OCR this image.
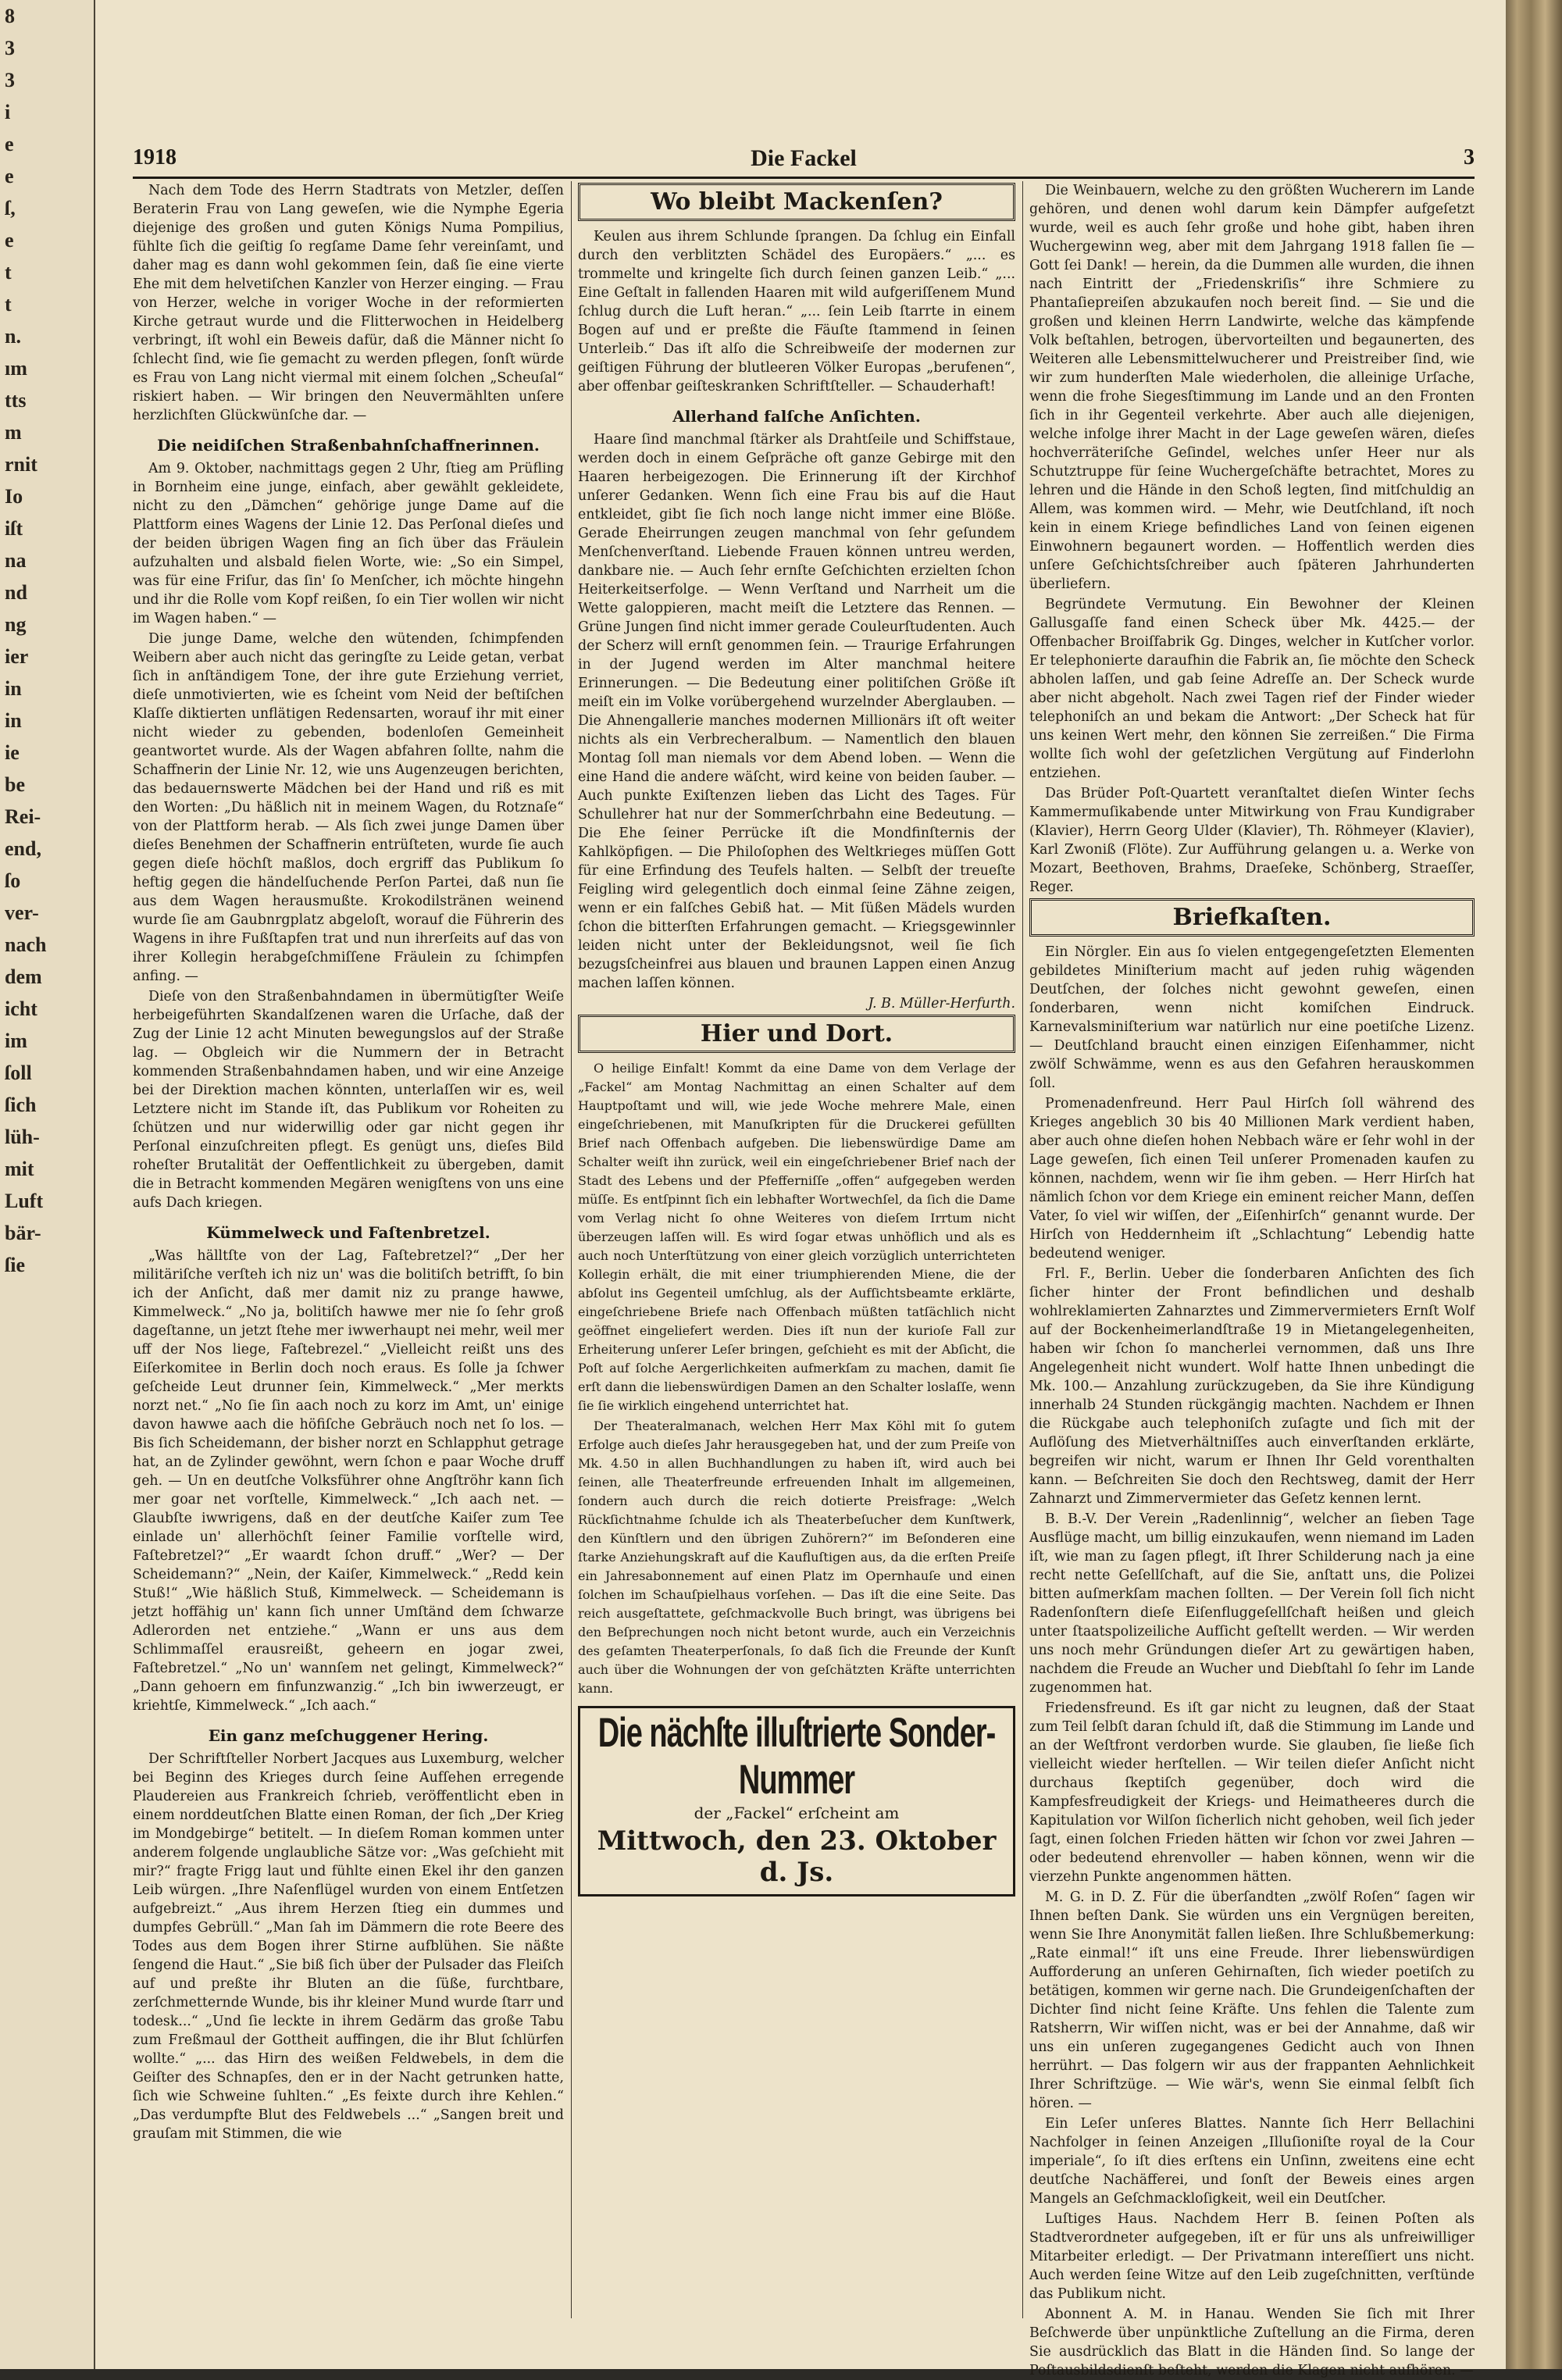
8
3
3
i
e
e
ſ,
e
t
t
n.
ım
tts
m
rnit
Io
iſt
na
nd
ng
ier
in
in
ie
be
Rei-
end,
ſo
ver-
nach
dem
icht
im
ſoll
ſich
lüh-
mit
Luft
bär-
ſie
1918	Die Fackel	3

Nach dem Tode des Herrn Stadtrats von Metzler, deſſen Beraterin Frau von Lang geweſen, wie die Nymphe Egeria diejenige des großen und guten Königs Numa Pompilius, fühlte ſich die geiſtig ſo regſame Dame ſehr vereinſamt, und daher mag es dann wohl gekommen ſein, daß ſie eine vierte Ehe mit dem helvetiſchen Kanzler von Herzer einging. — Frau von Herzer, welche in voriger Woche in der reformierten Kirche getraut wurde und die Flitterwochen in Heidelberg verbringt, iſt wohl ein Beweis dafür, daß die Männer nicht ſo ſchlecht ſind, wie ſie gemacht zu werden pflegen, ſonſt würde es Frau von Lang nicht viermal mit einem ſolchen „Scheuſal“ riskiert haben. — Wir bringen den Neuvermählten unſere herzlichſten Glückwünſche dar. —

Die neidiſchen Straßenbahnſchaffnerinnen.

Am 9. Oktober, nachmittags gegen 2 Uhr, ſtieg am Prüfling in Bornheim eine junge, einfach, aber gewählt gekleidete, nicht zu den „Dämchen“ gehörige junge Dame auf die Plattform eines Wagens der Linie 12. Das Perſonal dieſes und der beiden übrigen Wagen fing an ſich über das Fräulein aufzuhalten und alsbald fielen Worte, wie: „So ein Simpel, was für eine Friſur, das ſin' ſo Menſcher, ich möchte hingehn und ihr die Rolle vom Kopf reißen, ſo ein Tier wollen wir nicht im Wagen haben.“ —

Die junge Dame, welche den wütenden, ſchimpfenden Weibern aber auch nicht das geringſte zu Leide getan, verbat ſich in anſtändigem Tone, der ihre gute Erziehung verriet, dieſe unmotivierten, wie es ſcheint vom Neid der beſtiſchen Klaſſe diktierten unflätigen Redensarten, worauf ihr mit einer nicht wieder zu gebenden, bodenloſen Gemeinheit geantwortet wurde. Als der Wagen abfahren ſollte, nahm die Schaffnerin der Linie Nr. 12, wie uns Augenzeugen berichten, das bedauernswerte Mädchen bei der Hand und riß es mit den Worten: „Du häßlich nit in meinem Wagen, du Rotznaſe“ von der Plattform herab. — Als ſich zwei junge Damen über dieſes Benehmen der Schaffnerin entrüſteten, wurde ſie auch gegen dieſe höchſt maßlos, doch ergriff das Publikum ſo heftig gegen die händelſuchende Perſon Partei, daß nun ſie aus dem Wagen herausmußte. Krokodilstränen weinend wurde ſie am Gaubnrgplatz abgeloſt, worauf die Führerin des Wagens in ihre Fußſtapfen trat und nun ihrerſeits auf das von ihrer Kollegin herabgeſchmiſſene Fräulein zu ſchimpfen anfing. —

Dieſe von den Straßenbahndamen in übermütigſter Weiſe herbeigeführten Skandalſzenen waren die Urſache, daß der Zug der Linie 12 acht Minuten bewegungslos auf der Straße lag. — Obgleich wir die Nummern der in Betracht kommenden Straßenbahndamen haben, und wir eine Anzeige bei der Direktion machen könnten, unterlaſſen wir es, weil Letztere nicht im Stande iſt, das Publikum vor Roheiten zu ſchützen und nur widerwillig oder gar nicht gegen ihr Perſonal einzuſchreiten pflegt. Es genügt uns, dieſes Bild roheſter Brutalität der Oeffentlichkeit zu übergeben, damit die in Betracht kommenden Megären wenigſtens von uns eine aufs Dach kriegen.

Kümmelweck und Faſtenbretzel.

„Was hälltſte von der Lag, Faſtebretzel?“ „Der her militäriſche verſteh ich niz un' was die bolitiſch betrifft, ſo bin ich der Anſicht, daß mer damit niz zu prange hawwe, Kimmelweck.“ „No ja, bolitiſch hawwe mer nie ſo ſehr groß dageſtanne, un jetzt ſtehe mer iwwerhaupt nei mehr, weil mer uff der Nos liege, Faſtebrezel.“ „Vielleicht reißt uns des Eiſerkomitee in Berlin doch noch eraus. Es ſolle ja ſchwer geſcheide Leut drunner ſein, Kimmelweck.“ „Mer merkts norzt net.“ „No ſie ſin aach noch zu korz im Amt, un' einige davon hawwe aach die höfiſche Gebräuch noch net ſo los. — Bis ſich Scheidemann, der bisher norzt en Schlapphut getrage hat, an de Zylinder gewöhnt, wern ſchon e paar Woche druff geh. — Un en deutſche Volksführer ohne Angſtröhr kann ſich mer goar net vorſtelle, Kimmelweck.“ „Ich aach net. — Glaubſte iwwrigens, daß en der deutſche Kaiſer zum Tee einlade un' allerhöchſt ſeiner Familie vorſtelle wird, Faſtebretzel?“ „Er waardt ſchon druff.“ „Wer? — Der Scheidemann?“ „Nein, der Kaiſer, Kimmelweck.“ „Redd kein Stuß!“ „Wie häßlich Stuß, Kimmelweck. — Scheidemann is jetzt hoffähig un' kann ſich unner Umſtänd dem ſchwarze Adlerorden net entziehe.“ „Wann er uns aus dem Schlimmaſſel erausreißt, geheern en jogar zwei, Faſtebretzel.“ „No un' wannſem net gelingt, Kimmelweck?“ „Dann gehoern em finfunzwanzig.“ „Ich bin iwwerzeugt, er kriehtſe, Kimmelweck.“ „Ich aach.“

Ein ganz meſchuggener Hering.

Der Schriftſteller Norbert Jacques aus Luxemburg, welcher bei Beginn des Krieges durch ſeine Aufſehen erregende Plaudereien aus Frankreich ſchrieb, veröffentlicht eben in einem norddeutſchen Blatte einen Roman, der ſich „Der Krieg im Mondgebirge“ betitelt. — In dieſem Roman kommen unter anderem folgende unglaubliche Sätze vor: „Was geſchieht mit mir?“ fragte Frigg laut und fühlte einen Ekel ihr den ganzen Leib würgen. „Ihre Naſenflügel wurden von einem Entſetzen aufgebreizt.“ „Aus ihrem Herzen ſtieg ein dummes und dumpfes Gebrüll.“ „Man ſah im Dämmern die rote Beere des Todes aus dem Bogen ihrer Stirne aufblühen. Sie näßte ſengend die Haut.“ „Sie biß ſich über der Pulsader das Fleiſch auf und preßte ihr Bluten an die ſüße, furchtbare, zerſchmetternde Wunde, bis ihr kleiner Mund wurde ſtarr und todesk...“ „Und ſie leckte in ihrem Gedärm das große Tabu zum Freßmaul der Gottheit auffingen, die ihr Blut ſchlürfen wollte.“ „... das Hirn des weißen Feldwebels, in dem die Geiſter des Schnapſes, den er in der Nacht getrunken hatte, ſich wie Schweine ſuhlten.“ „Es feixte durch ihre Kehlen.“ „Das verdumpfte Blut des Feldwebels ...“ „Sangen breit und grauſam mit Stimmen, die wie

Wo bleibt Mackenſen?

Keulen aus ihrem Schlunde ſprangen. Da ſchlug ein Einfall durch den verblitzten Schädel des Europäers.“ „... es trommelte und kringelte ſich durch ſeinen ganzen Leib.“ „... Eine Geſtalt in fallenden Haaren mit wild aufgeriſſenem Mund ſchlug durch die Luft heran.“ „... ſein Leib ſtarrte in einem Bogen auf und er preßte die Fäuſte ſtammend in ſeinen Unterleib.“ Das iſt alſo die Schreibweiſe der modernen zur geiſtigen Führung der blutleeren Völker Europas „berufenen“, aber offenbar geiſteskranken Schriftſteller. — Schauderhaft!

Allerhand falſche Anſichten.

Haare ſind manchmal ſtärker als Drahtſeile und Schiffstaue, werden doch in einem Geſpräche oft ganze Gebirge mit den Haaren herbeigezogen. Die Erinnerung iſt der Kirchhof unſerer Gedanken. Wenn ſich eine Frau bis auf die Haut entkleidet, gibt ſie ſich noch lange nicht immer eine Blöße. Gerade Eheirrungen zeugen manchmal von ſehr geſundem Menſchenverſtand. Liebende Frauen können untreu werden, dankbare nie. — Auch ſehr ernſte Geſchichten erzielten ſchon Heiterkeitserfolge. — Wenn Verſtand und Narrheit um die Wette galoppieren, macht meiſt die Letztere das Rennen. — Grüne Jungen ſind nicht immer gerade Couleurſtudenten. Auch der Scherz will ernſt genommen ſein. — Traurige Erfahrungen in der Jugend werden im Alter manchmal heitere Erinnerungen. — Die Bedeutung einer politiſchen Größe iſt meiſt ein im Volke vorübergehend wurzelnder Aberglauben. — Die Ahnengallerie manches modernen Millionärs iſt oft weiter nichts als ein Verbrecheralbum. — Namentlich den blauen Montag ſoll man niemals vor dem Abend loben. — Wenn die eine Hand die andere wäſcht, wird keine von beiden ſauber. — Auch punkte Exiſtenzen lieben das Licht des Tages. Für Schullehrer hat nur der Sommerſchrbahn eine Bedeutung. — Die Ehe ſeiner Perrücke iſt die Mondfinſternis der Kahlköpfigen. — Die Philoſophen des Weltkrieges müſſen Gott für eine Erfindung des Teufels halten. — Selbſt der treueſte Feigling wird gelegentlich doch einmal ſeine Zähne zeigen, wenn er ein falſches Gebiß hat. — Mit ſüßen Mädels wurden ſchon die bitterſten Erfahrungen gemacht. — Kriegsgewinnler leiden nicht unter der Bekleidungsnot, weil ſie ſich bezugsſcheinfrei aus blauen und braunen Lappen einen Anzug machen laſſen können.

J. B. Müller-Herfurth.
Hier und Dort.

O heilige Einfalt! Kommt da eine Dame von dem Verlage der „Fackel“ am Montag Nachmittag an einen Schalter auf dem Hauptpoſtamt und will, wie jede Woche mehrere Male, einen eingeſchriebenen, mit Manuſkripten für die Druckerei gefüllten Brief nach Offenbach aufgeben. Die liebenswürdige Dame am Schalter weiſt ihn zurück, weil ein eingeſchriebener Brief nach der Stadt des Lebens und der Pfefferniſſe „offen“ aufgegeben werden müſſe. Es entſpinnt ſich ein lebhafter Wortwechſel, da ſich die Dame vom Verlag nicht ſo ohne Weiteres von dieſem Irrtum nicht überzeugen laſſen will. Es wird ſogar etwas unhöflich und als es auch noch Unterſtützung von einer gleich vorzüglich unterrichteten Kollegin erhält, die mit einer triumphierenden Miene, die der abſolut ins Gegenteil umſchlug, als der Aufſichtsbeamte erklärte, eingeſchriebene Briefe nach Offenbach müßten tatſächlich nicht geöffnet eingeliefert werden. Dies iſt nun der kurioſe Fall zur Erheiterung unſerer Leſer bringen, geſchieht es mit der Abſicht, die Poſt auf ſolche Aergerlichkeiten aufmerkſam zu machen, damit ſie erſt dann die liebenswürdigen Damen an den Schalter loslaſſe, wenn ſie ſie wirklich eingehend unterrichtet hat.

Der Theateralmanach, welchen Herr Max Köhl mit ſo gutem Erfolge auch dieſes Jahr herausgegeben hat, und der zum Preiſe von Mk. 4.50 in allen Buchhandlungen zu haben iſt, wird auch bei ſeinen, alle Theaterfreunde erfreuenden Inhalt im allgemeinen, ſondern auch durch die reich dotierte Preisfrage: „Welch Rückſichtnahme ſchulde ich als Theaterbeſucher dem Kunſtwerk, den Künſtlern und den übrigen Zuhörern?“ im Beſonderen eine ſtarke Anziehungskraft auf die Kaufluſtigen aus, da die erſten Preiſe ein Jahresabonnement auf einen Platz im Opernhauſe und einen ſolchen im Schauſpielhaus vorſehen. — Das iſt die eine Seite. Das reich ausgeſtattete, geſchmackvolle Buch bringt, was übrigens bei den Beſprechungen noch nicht betont wurde, auch ein Verzeichnis des geſamten Theaterperſonals, ſo daß ſich die Freunde der Kunſt auch über die Wohnungen der von geſchätzten Kräfte unterrichten kann.

Die nächſte illuſtrierte Sonder-Nummer
der „Fackel“ erſcheint am
Mittwoch, den 23. Oktober d. Js.

Die Weinbauern, welche zu den größten Wucherern im Lande gehören, und denen wohl darum kein Dämpfer aufgeſetzt wurde, weil es auch ſehr große und hohe gibt, haben ihren Wuchergewinn weg, aber mit dem Jahrgang 1918 fallen ſie — Gott ſei Dank! — herein, da die Dummen alle wurden, die ihnen nach Eintritt der „Friedenskriſis“ ihre Schmiere zu Phantaſiepreiſen abzukaufen noch bereit ſind. — Sie und die großen und kleinen Herrn Landwirte, welche das kämpfende Volk beſtahlen, betrogen, übervorteilten und begaunerten, des Weiteren alle Lebensmittelwucherer und Preistreiber ſind, wie wir zum hunderſten Male wiederholen, die alleinige Urſache, wenn die frohe Siegesſtimmung im Lande und an den Fronten ſich in ihr Gegenteil verkehrte. Aber auch alle diejenigen, welche infolge ihrer Macht in der Lage geweſen wären, dieſes hochverräteriſche Geſindel, welches unſer Heer nur als Schutztruppe für ſeine Wuchergeſchäfte betrachtet, Mores zu lehren und die Hände in den Schoß legten, ſind mitſchuldig an Allem, was kommen wird. — Mehr, wie Deutſchland, iſt noch kein in einem Kriege befindliches Land von ſeinen eigenen Einwohnern begaunert worden. — Hoffentlich werden dies unſere Geſchichtsſchreiber auch ſpäteren Jahrhunderten überliefern.

Begründete Vermutung. Ein Bewohner der Kleinen Gallusgaſſe fand einen Scheck über Mk. 4425.— der Offenbacher Broiſfabrik Gg. Dinges, welcher in Kutſcher vorlor. Er telephonierte daraufhin die Fabrik an, ſie möchte den Scheck abholen laſſen, und gab ſeine Adreſſe an. Der Scheck wurde aber nicht abgeholt. Nach zwei Tagen rief der Finder wieder telephoniſch an und bekam die Antwort: „Der Scheck hat für uns keinen Wert mehr, den können Sie zerreißen.“ Die Firma wollte ſich wohl der geſetzlichen Vergütung auf Finderlohn entziehen.

Das Brüder Poſt-Quartett veranſtaltet dieſen Winter ſechs Kammermuſikabende unter Mitwirkung von Frau Kundigraber (Klavier), Herrn Georg Ulder (Klavier), Th. Röhmeyer (Klavier), Karl Zwoniß (Flöte). Zur Aufführung gelangen u. a. Werke von Mozart, Beethoven, Brahms, Draeſeke, Schönberg, Straeſſer, Reger.

Briefkaſten.

Ein Nörgler. Ein aus ſo vielen entgegengeſetzten Elementen gebildetes Miniſterium macht auf jeden ruhig wägenden Deutſchen, der ſolches nicht gewohnt geweſen, einen ſonderbaren, wenn nicht komiſchen Eindruck. Karnevalsminiſterium war natürlich nur eine poetiſche Lizenz. — Deutſchland braucht einen einzigen Eiſenhammer, nicht zwölf Schwämme, wenn es aus den Gefahren herauskommen ſoll.

Promenadenfreund. Herr Paul Hirſch ſoll während des Krieges angeblich 30 bis 40 Millionen Mark verdient haben, aber auch ohne dieſen hohen Nebbach wäre er ſehr wohl in der Lage geweſen, ſich einen Teil unſerer Promenaden kaufen zu können, nachdem, wenn wir ſie ihm geben. — Herr Hirſch hat nämlich ſchon vor dem Kriege ein eminent reicher Mann, deſſen Vater, ſo viel wir wiſſen, der „Eiſenhirſch“ genannt wurde. Der Hirſch von Heddernheim iſt „Schlachtung“ Lebendig hatte bedeutend weniger.

Frl. F., Berlin. Ueber die ſonderbaren Anſichten des ſich ſicher hinter der Front befindlichen und deshalb wohlreklamierten Zahnarztes und Zimmervermieters Ernſt Wolf auf der Bockenheimerlandſtraße 19 in Mietangelegenheiten, haben wir ſchon ſo mancherlei vernommen, daß uns Ihre Angelegenheit nicht wundert. Wolf hatte Ihnen unbedingt die Mk. 100.— Anzahlung zurückzugeben, da Sie ihre Kündigung innerhalb 24 Stunden rückgängig machten. Nachdem er Ihnen die Rückgabe auch telephoniſch zuſagte und ſich mit der Auflöſung des Mietverhältniſſes auch einverſtanden erklärte, begreifen wir nicht, warum er Ihnen Ihr Geld vorenthalten kann. — Beſchreiten Sie doch den Rechtsweg, damit der Herr Zahnarzt und Zimmervermieter das Geſetz kennen lernt.

B. B.-V. Der Verein „Radenlinnig“, welcher an ſieben Tage Ausflüge macht, um billig einzukaufen, wenn niemand im Laden iſt, wie man zu ſagen pflegt, iſt Ihrer Schilderung nach ja eine recht nette Geſellſchaft, auf die Sie, anſtatt uns, die Polizei bitten auſmerkſam machen ſollten. — Der Verein ſoll ſich nicht Radenſonſtern dieſe Eiſenfluggeſellſchaft heißen und gleich unter ſtaatspolizeiliche Aufſicht geſtellt werden. — Wir werden uns noch mehr Gründungen dieſer Art zu gewärtigen haben, nachdem die Freude an Wucher und Diebſtahl ſo ſehr im Lande zugenommen hat.

Friedensfreund. Es iſt gar nicht zu leugnen, daß der Staat zum Teil ſelbſt daran ſchuld iſt, daß die Stimmung im Lande und an der Weſtfront verdorben wurde. Sie glauben, ſie ließe ſich vielleicht wieder herſtellen. — Wir teilen dieſer Anſicht nicht durchaus ſkeptiſch gegenüber, doch wird die Kampfesfreudigkeit der Kriegs- und Heimatheeres durch die Kapitulation vor Wilſon ſicherlich nicht gehoben, weil ſich jeder ſagt, einen ſolchen Frieden hätten wir ſchon vor zwei Jahren — oder bedeutend ehrenvoller — haben können, wenn wir die vierzehn Punkte angenommen hätten.

M. G. in D. Z. Für die überſandten „zwölf Roſen“ ſagen wir Ihnen beſten Dank. Sie würden uns ein Vergnügen bereiten, wenn Sie Ihre Anonymität fallen ließen. Ihre Schlußbemerkung: „Rate einmal!“ iſt uns eine Freude. Ihrer liebenswürdigen Aufforderung an unſeren Gehirnaſten, ſich wieder poetiſch zu betätigen, kommen wir gerne nach. Die Grundeigenſchaften der Dichter ſind nicht ſeine Kräfte. Uns fehlen die Talente zum Ratsherrn, Wir wiſſen nicht, was er bei der Annahme, daß wir uns ein unſeren zugegangenes Gedicht auch von Ihnen herrührt. — Das folgern wir aus der frappanten Aehnlichkeit Ihrer Schriftzüge. — Wie wär's, wenn Sie einmal ſelbſt ſich hören. —

Ein Leſer unſeres Blattes. Nannte ſich Herr Bellachini Nachfolger in ſeinen Anzeigen „Illuſioniſte royal de la Cour imperiale“, ſo iſt dies erſtens ein Unſinn, zweitens eine echt deutſche Nachäfferei, und ſonſt der Beweis eines argen Mangels an Geſchmackloſigkeit, weil ein Deutſcher.

Luſtiges Haus. Nachdem Herr B. ſeinen Poſten als Stadtverordneter aufgegeben, iſt er für uns als unfreiwilliger Mitarbeiter erledigt. — Der Privatmann intereſſiert uns nicht. Auch werden ſeine Witze auf den Leib zugeſchnitten, verſtünde das Publikum nicht.

Abonnent A. M. in Hanau. Wenden Sie ſich mit Ihrer Beſchwerde über unpünktliche Zuſtellung an die Firma, deren Sie ausdrücklich das Blatt in die Händen ſind. So lange der Poſtausbildsdienſt beſteht, werden die Klagen nicht aufhören. —
